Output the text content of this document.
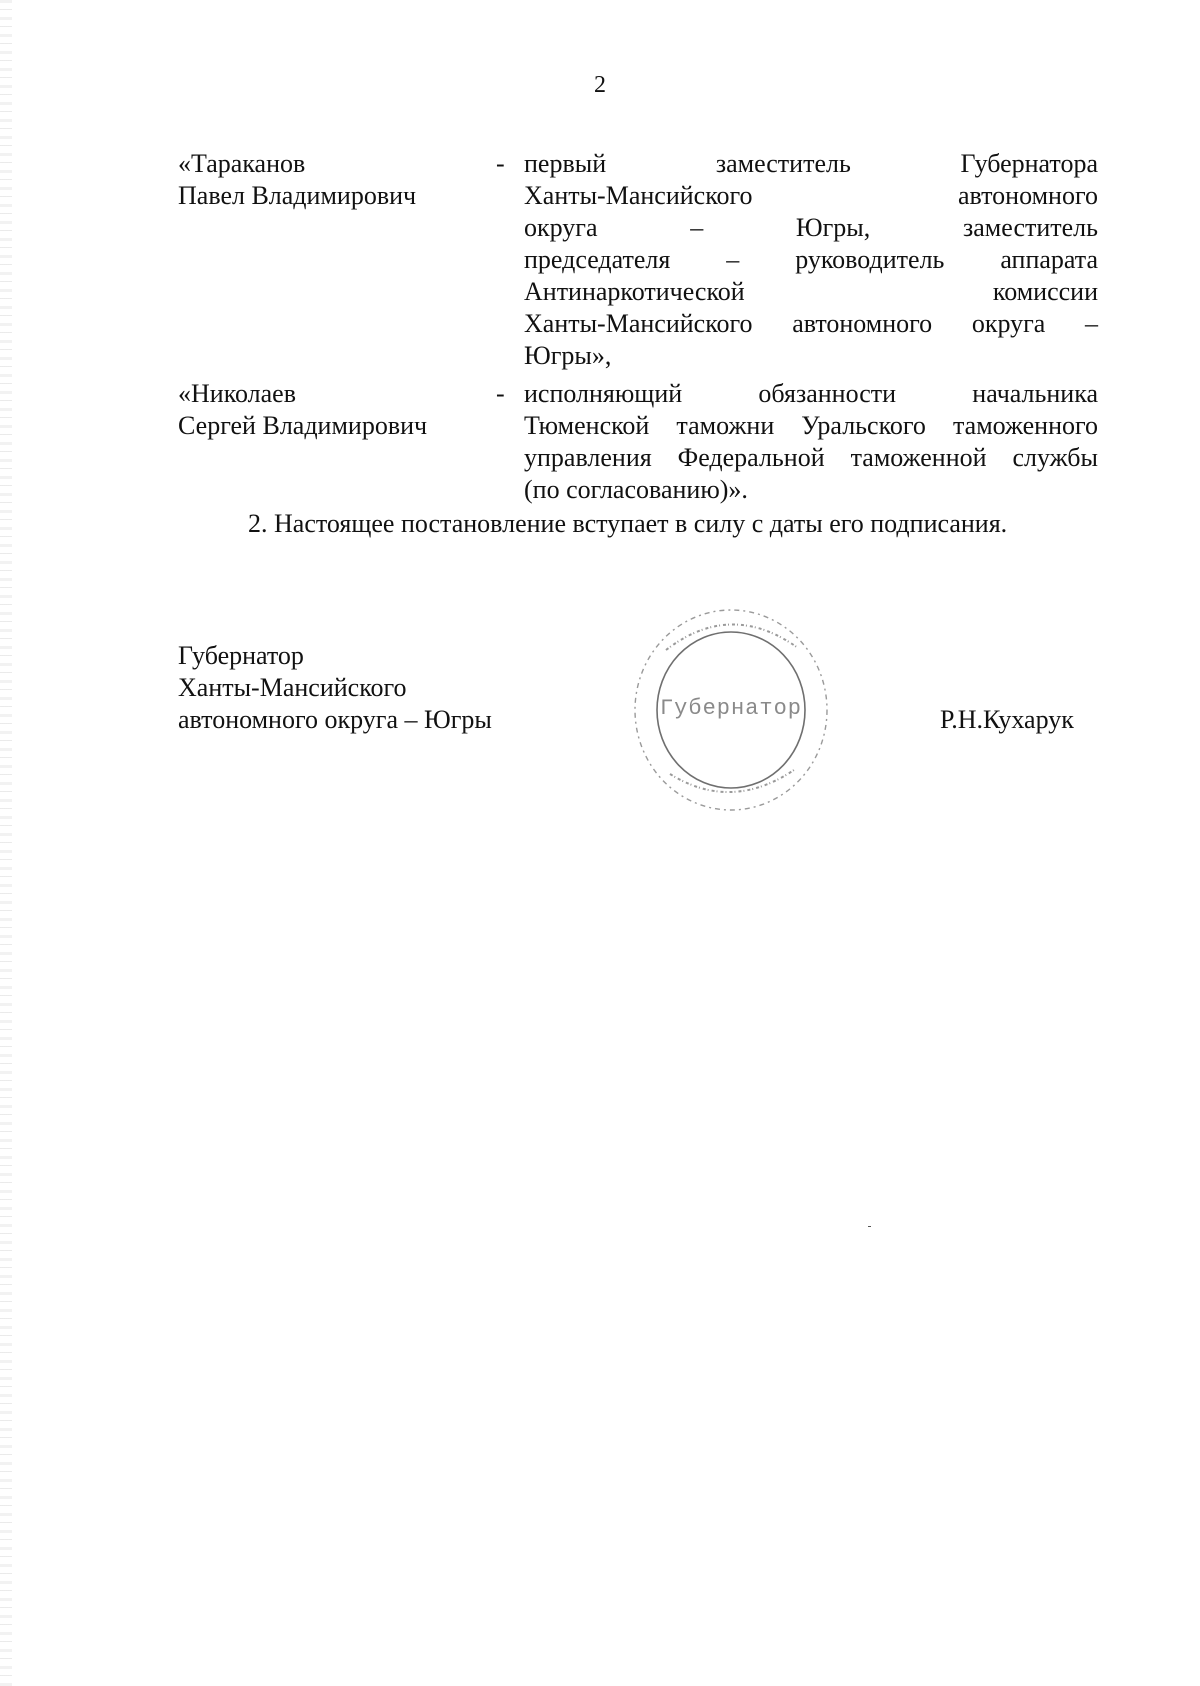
2
«Тараканов
Павел Владимирович
- первый заместитель Губернатора
Ханты-Мансийского автономного
округа – Югры, заместитель
председателя – руководитель аппарата
Антинаркотической комиссии
Ханты-Мансийского автономного округа –
Югры»,
«Николаев
Сергей Владимирович
- исполняющий обязанности начальника
Тюменской таможни Уральского таможенного
управления Федеральной таможенной службы
(по согласованию)».
2. Настоящее постановление вступает в силу с даты его подписания.
Губернатор
Ханты-Мансийского
автономного округа – Югры	Губернатор	Р.Н.Кухарук
